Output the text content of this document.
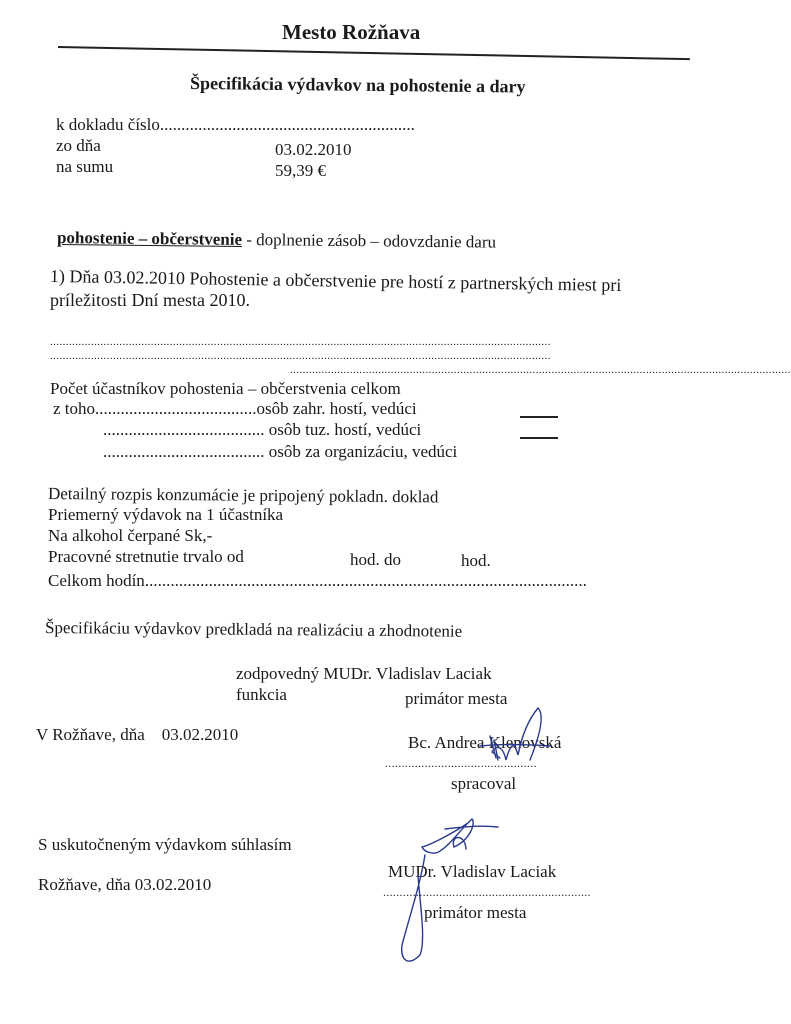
Mesto Rožňava
Špecifikácia výdavkov na pohostenie a dary
k dokladu číslo............................................................
zo dňa	03.02.2010
na sumu	59,39 €
pohostenie – občerstvenie - doplnenie zásob – odovzdanie daru
1) Dňa 03.02.2010 Pohostenie a občerstvenie pre hostí z partnerských miest pri
príležitosti Dní mesta 2010.
...............................................................................................................................................................
...............................................................................................................................................................
...............................................................................................................................................................
Počet účastníkov pohostenia – občerstvenia celkom
z toho......................................osôb zahr. hostí, vedúci
...................................... osôb tuz. hostí, vedúci
...................................... osôb za organizáciu, vedúci
Detailný rozpis konzumácie je pripojený pokladn. doklad
Priemerný výdavok na 1 účastníka
Na alkohol čerpané Sk,-
Pracovné stretnutie trvalo od	hod. do	hod.
Celkom hodín........................................................................................................
Špecifikáciu výdavkov predkladá na realizáciu a zhodnotenie
zodpovedný MUDr. Vladislav Laciak
funkcia	primátor mesta
V Rožňave, dňa 03.02.2010	Bc. Andrea Klenovská
..............................................
spracoval
S uskutočneným výdavkom súhlasím
Rožňave, dňa 03.02.2010
MUDr. Vladislav Laciak
...............................................................
primátor mesta
